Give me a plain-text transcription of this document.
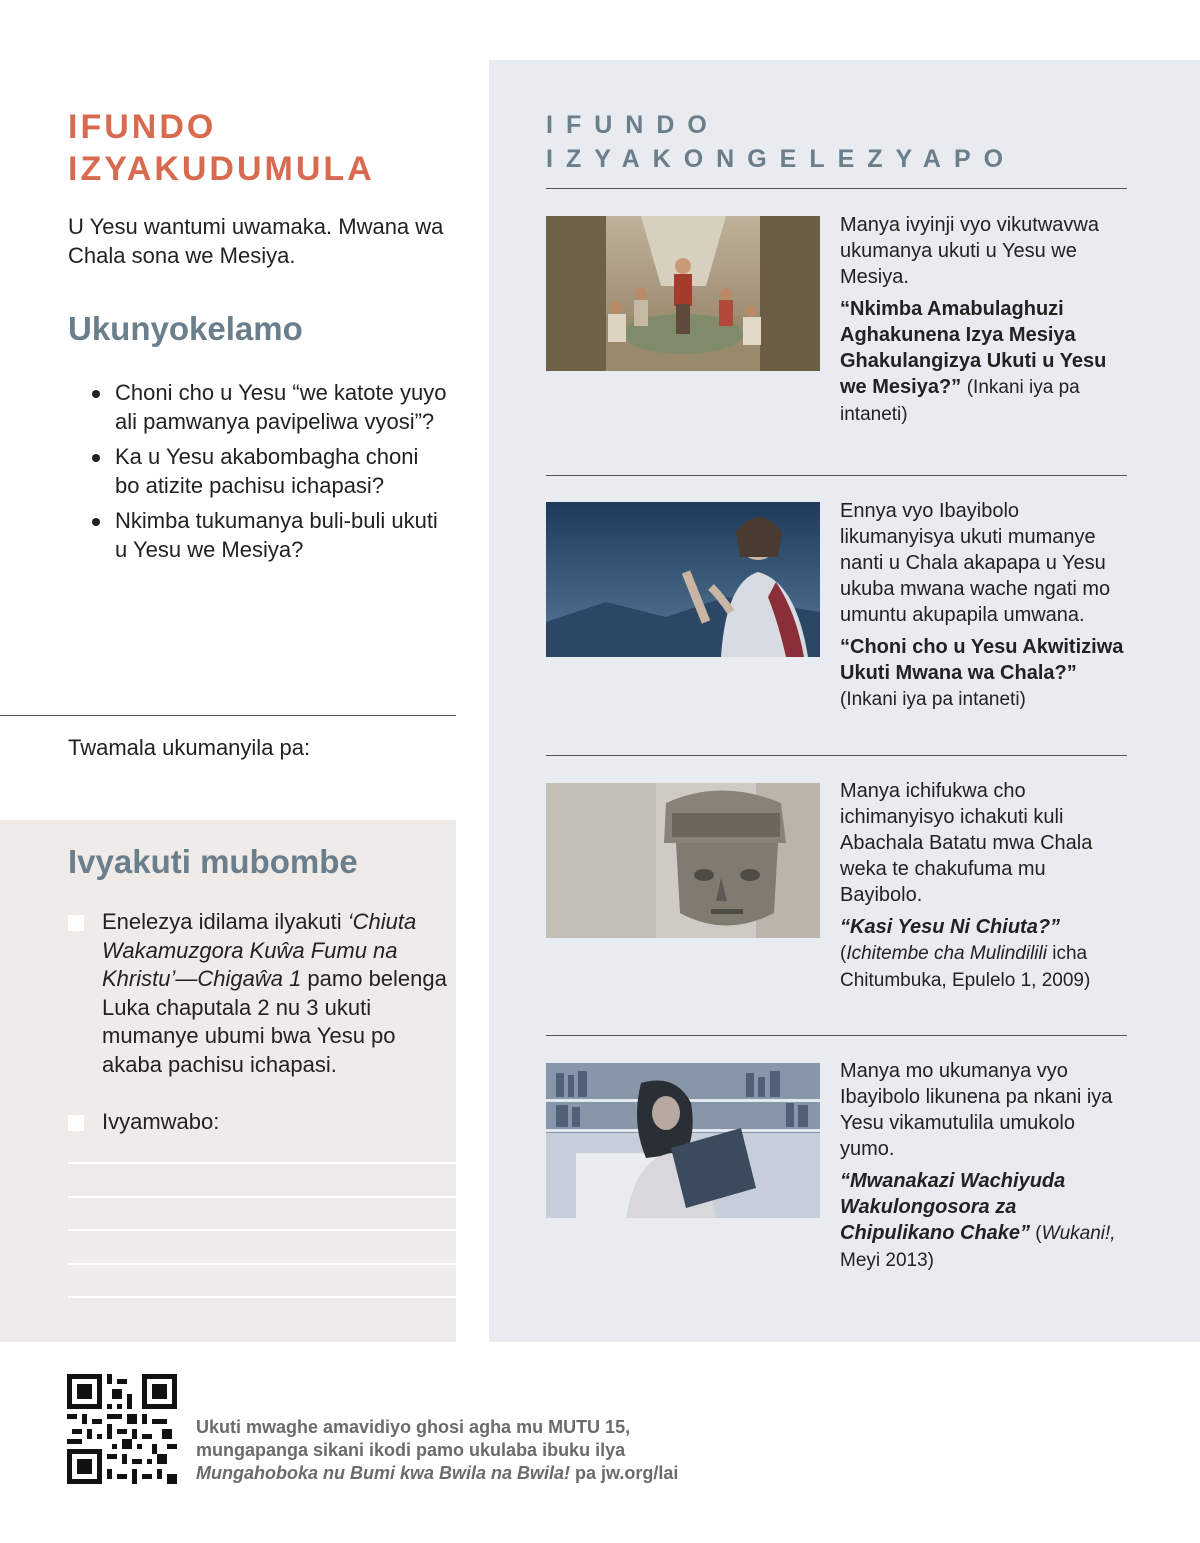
IFUNDO
IZYAKUDUMULA
U Yesu wantumi uwamaka. Mwana wa Chala sona we Mesiya.
Ukunyokelamo
Choni cho u Yesu “we katote yuyo ali pamwanya pavipeliwa vyosi”?
Ka u Yesu akabombagha choni bo atizite pachisu ichapasi?
Nkimba tukumanya buli-buli ukuti u Yesu we Mesiya?
Twamala ukumanyila pa:
Ivyakuti mubombe
Enelezya idilama ilyakuti ‘Chiuta Wakamuzgora Kuŵa Fumu na Khristu’—Chigaŵa 1 pamo belenga Luka chaputala 2 nu 3 ukuti mumanye ubumi bwa Yesu po akaba pachisu ichapasi.
Ivyamwabo:
IFUNDO
IZYAKONGELEZYAPO

Manya ivyinji vyo vikutwavwa ukumanya ukuti u Yesu we Mesiya.

“Nkimba Amabulaghuzi Aghakunena Izya Mesiya Ghakulangizya Ukuti u Yesu we Mesiya?” (Inkani iya pa intaneti)

Ennya vyo Ibayibolo likumanyisya ukuti mumanye nanti u Chala akapapa u Yesu ukuba mwana wache ngati mo umuntu akupapila umwana.

“Choni cho u Yesu Akwitiziwa Ukuti Mwana wa Chala?”
(Inkani iya pa intaneti)

Manya ichifukwa cho ichimanyisyo ichakuti kuli Abachala Batatu mwa Chala weka te chakufuma mu Bayibolo.

“Kasi Yesu Ni Chiuta?”
(Ichitembe cha Mulindilili icha Chitumbuka, Epulelo 1, 2009)

Manya mo ukumanya vyo Ibayibolo likunena pa nkani iya Yesu vikamutulila umukolo yumo.

“Mwanakazi Wachiyuda Wakulongosora za Chipulikano Chake” (Wukani!, Meyi 2013)

Ukuti mwaghe amavidiyo ghosi agha mu MUTU 15, mungapanga sikani ikodi pamo ukulaba ibuku ilya Mungahoboka nu Bumi kwa Bwila na Bwila! pa jw.org/lai
